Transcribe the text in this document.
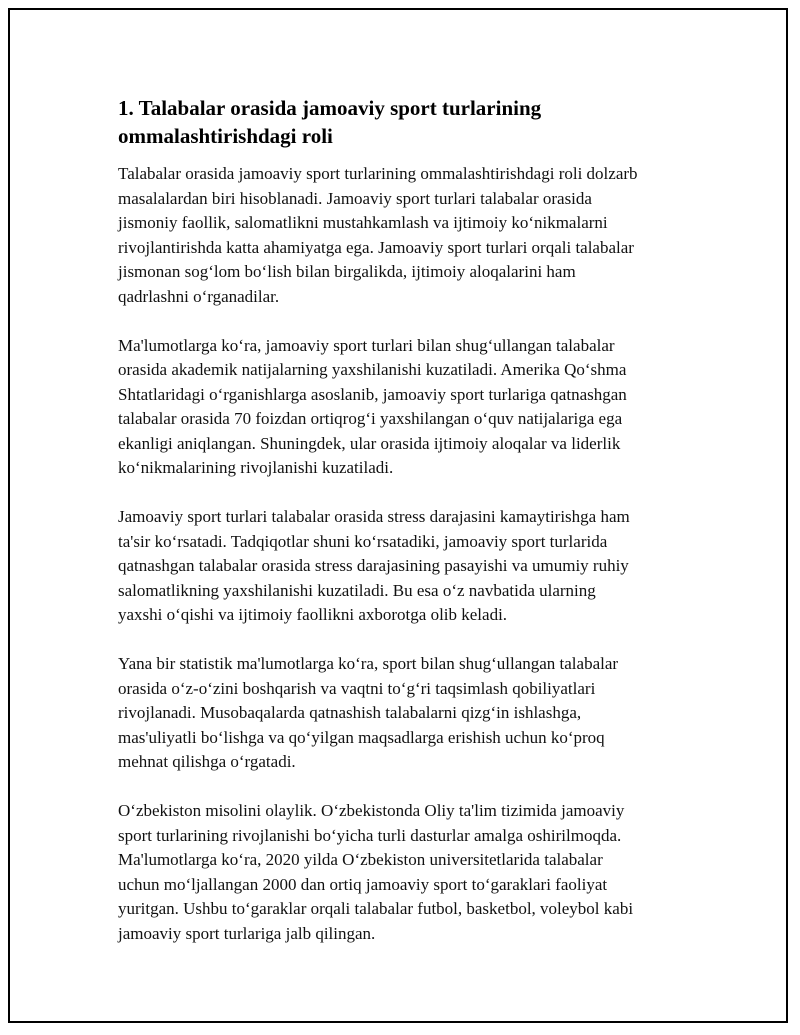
1. Talabalar orasida jamoaviy sport turlarining
ommalashtirishdagi roli

Talabalar orasida jamoaviy sport turlarining ommalashtirishdagi roli dolzarb
masalalardan biri hisoblanadi. Jamoaviy sport turlari talabalar orasida
jismoniy faollik, salomatlikni mustahkamlash va ijtimoiy koʻnikmalarni
rivojlantirishda katta ahamiyatga ega. Jamoaviy sport turlari orqali talabalar
jismonan sogʻlom boʻlish bilan birgalikda, ijtimoiy aloqalarini ham
qadrlashni oʻrganadilar.

Ma'lumotlarga koʻra, jamoaviy sport turlari bilan shugʻullangan talabalar
orasida akademik natijalarning yaxshilanishi kuzatiladi. Amerika Qoʻshma
Shtatlaridagi oʻrganishlarga asoslanib, jamoaviy sport turlariga qatnashgan
talabalar orasida 70 foizdan ortiqrogʻi yaxshilangan oʻquv natijalariga ega
ekanligi aniqlangan. Shuningdek, ular orasida ijtimoiy aloqalar va liderlik
koʻnikmalarining rivojlanishi kuzatiladi.

Jamoaviy sport turlari talabalar orasida stress darajasini kamaytirishga ham
ta'sir koʻrsatadi. Tadqiqotlar shuni koʻrsatadiki, jamoaviy sport turlarida
qatnashgan talabalar orasida stress darajasining pasayishi va umumiy ruhiy
salomatlikning yaxshilanishi kuzatiladi. Bu esa oʻz navbatida ularning
yaxshi oʻqishi va ijtimoiy faollikni axborotga olib keladi.

Yana bir statistik ma'lumotlarga koʻra, sport bilan shugʻullangan talabalar
orasida oʻz-oʻzini boshqarish va vaqtni toʻgʻri taqsimlash qobiliyatlari
rivojlanadi. Musobaqalarda qatnashish talabalarni qizgʻin ishlashga,
mas'uliyatli boʻlishga va qoʻyilgan maqsadlarga erishish uchun koʻproq
mehnat qilishga oʻrgatadi.

Oʻzbekiston misolini olaylik. Oʻzbekistonda Oliy ta'lim tizimida jamoaviy
sport turlarining rivojlanishi boʻyicha turli dasturlar amalga oshirilmoqda.
Ma'lumotlarga koʻra, 2020 yilda Oʻzbekiston universitetlarida talabalar
uchun moʻljallangan 2000 dan ortiq jamoaviy sport toʻgaraklari faoliyat
yuritgan. Ushbu toʻgaraklar orqali talabalar futbol, basketbol, voleybol kabi
jamoaviy sport turlariga jalb qilingan.
